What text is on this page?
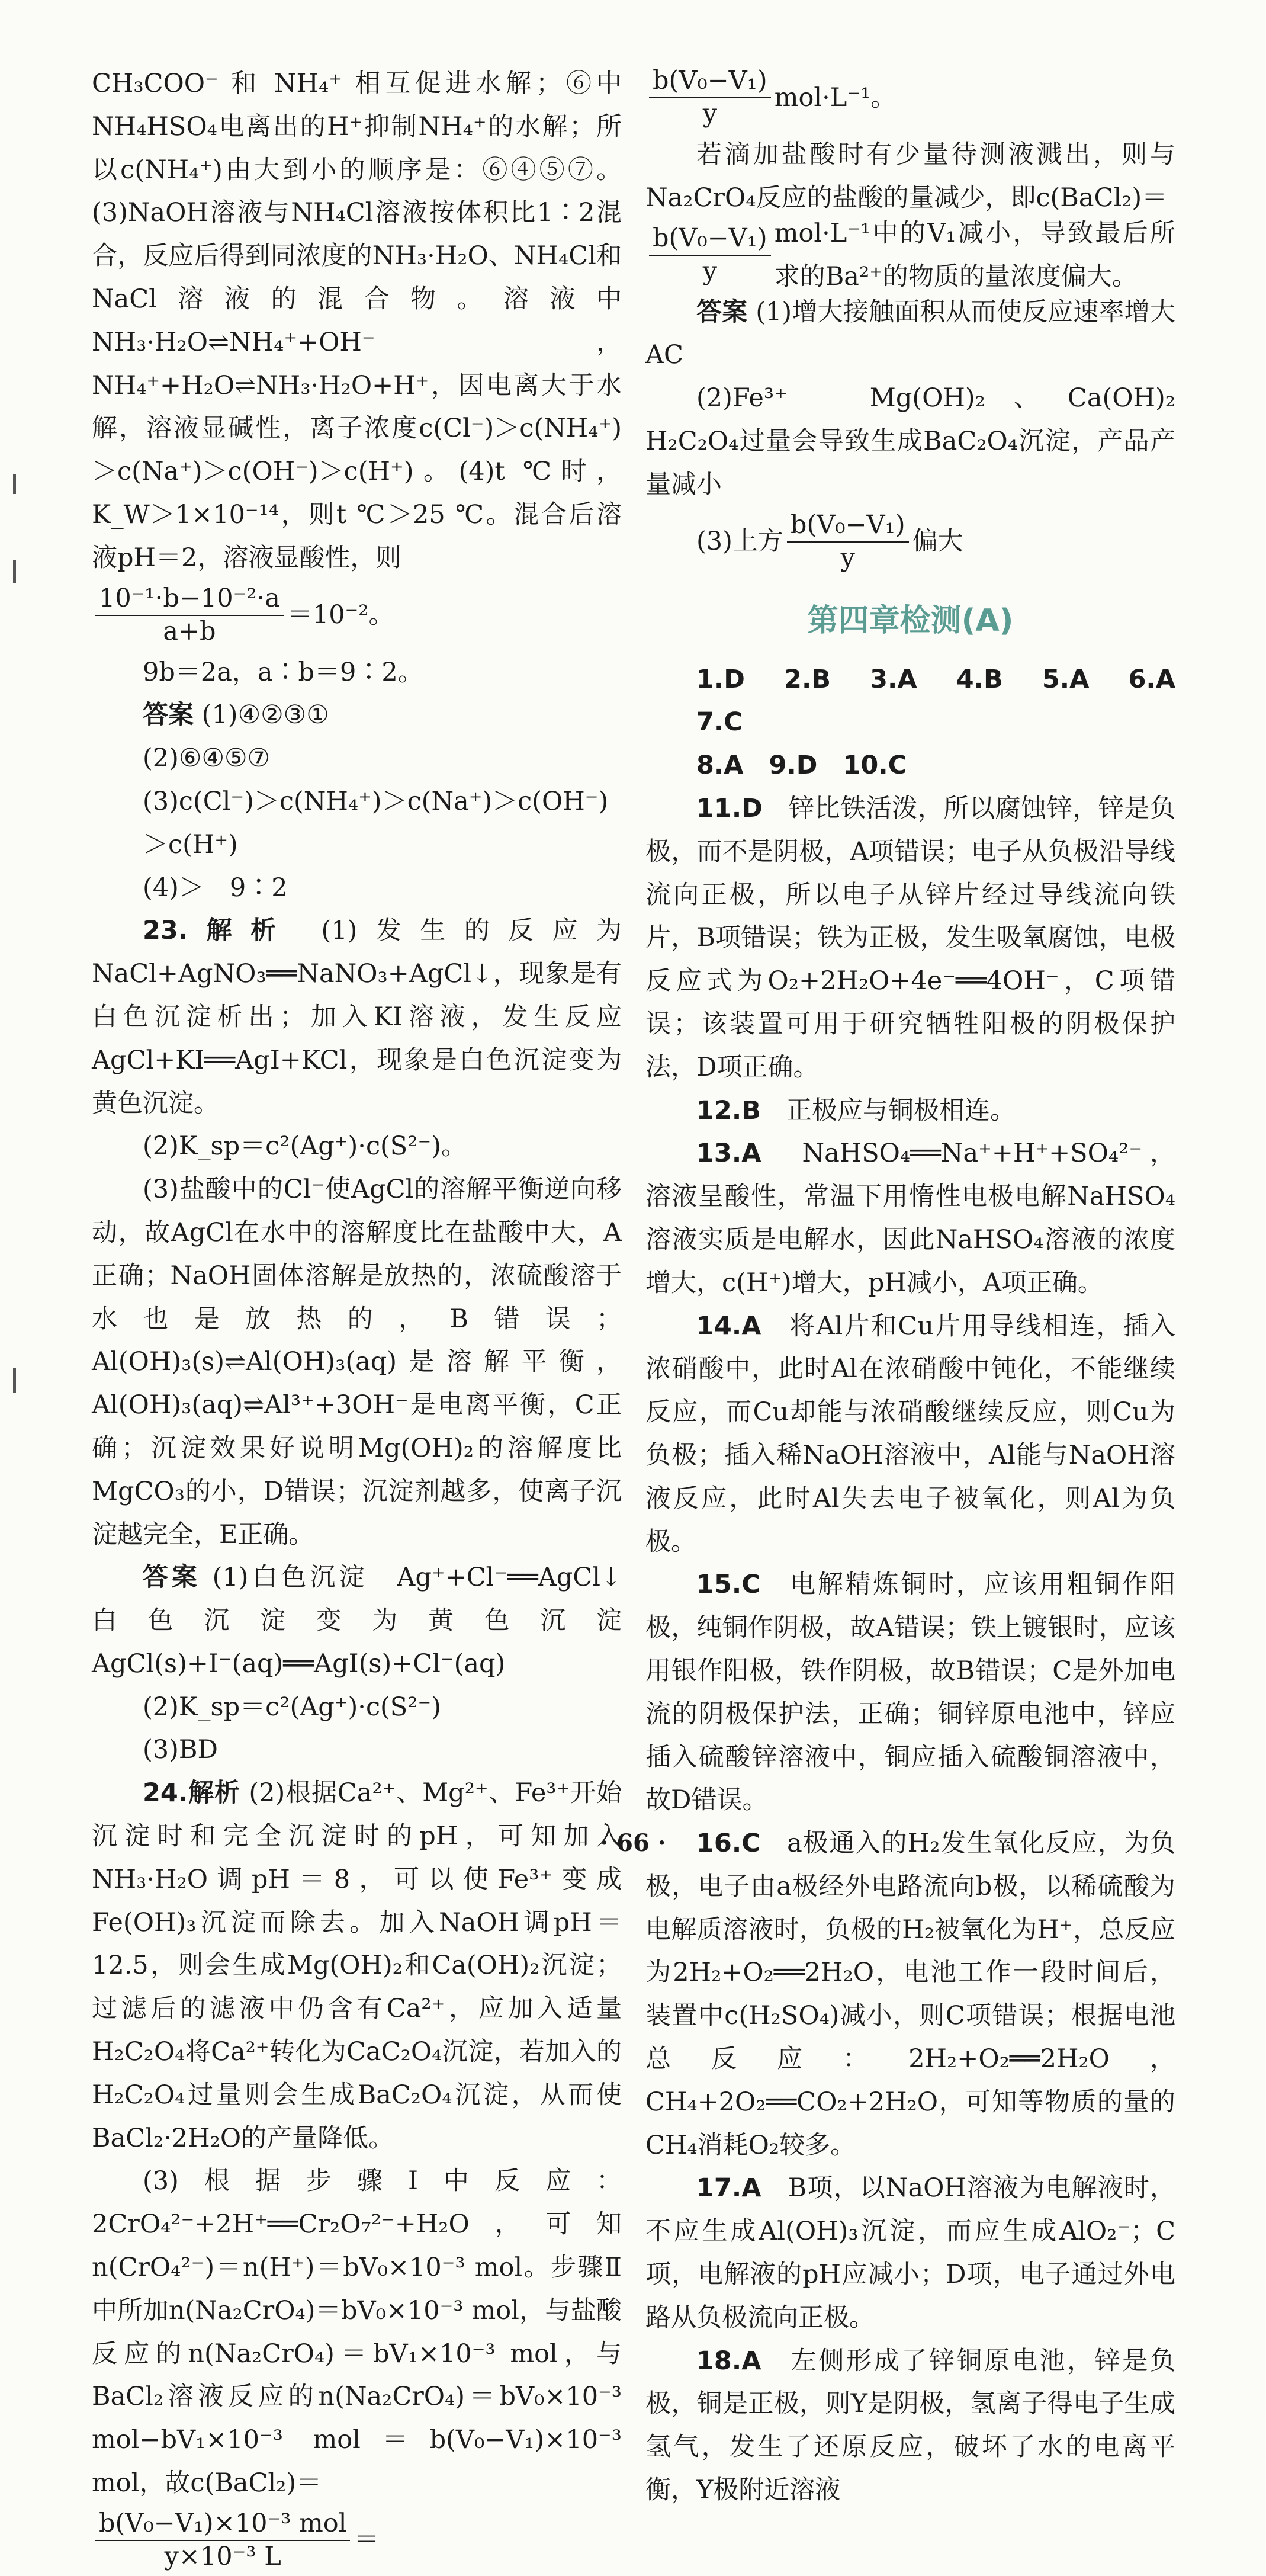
CH₃COO⁻ 和 NH₄⁺ 相互促进水解；⑥中NH₄HSO₄电离出的H⁺抑制NH₄⁺的水解；所以c(NH₄⁺)由大到小的顺序是：⑥④⑤⑦。(3)NaOH溶液与NH₄Cl溶液按体积比1∶2混合，反应后得到同浓度的NH₃·H₂O、NH₄Cl和NaCl溶液的混合物。溶液中NH₃·H₂O⇌NH₄⁺+OH⁻，NH₄⁺+H₂O⇌NH₃·H₂O+H⁺，因电离大于水解，溶液显碱性，离子浓度c(Cl⁻)＞c(NH₄⁺)＞c(Na⁺)＞c(OH⁻)＞c(H⁺)。(4)t ℃时，K_W＞1×10⁻¹⁴，则t ℃＞25 ℃。混合后溶液pH＝2，溶液显酸性，则

$\frac{\text{10⁻¹·b−10⁻²·a}}{a+b} =10^{-2}$。

9b＝2a，a∶b＝9∶2。

答案 (1)④②③①

(2)⑥④⑤⑦

(3)c(Cl⁻)＞c(NH₄⁺)＞c(Na⁺)＞c(OH⁻)＞c(H⁺)

(4)＞　9∶2

23.解析 (1)发生的反应为NaCl+AgNO₃══NaNO₃+AgCl↓，现象是有白色沉淀析出；加入KI溶液，发生反应AgCl+KI══AgI+KCl，现象是白色沉淀变为黄色沉淀。

(2)K_sp＝c²(Ag⁺)·c(S²⁻)。

(3)盐酸中的Cl⁻使AgCl的溶解平衡逆向移动，故AgCl在水中的溶解度比在盐酸中大，A正确；NaOH固体溶解是放热的，浓硫酸溶于水也是放热的，B错误；Al(OH)₃(s)⇌Al(OH)₃(aq)是溶解平衡，Al(OH)₃(aq)⇌Al³⁺+3OH⁻是电离平衡，C正确；沉淀效果好说明Mg(OH)₂的溶解度比MgCO₃的小，D错误；沉淀剂越多，使离子沉淀越完全，E正确。

答案 (1)白色沉淀　Ag⁺+Cl⁻══AgCl↓ 白色沉淀变为黄色沉淀　AgCl(s)+I⁻(aq)══AgI(s)+Cl⁻(aq)

(2)K_sp＝c²(Ag⁺)·c(S²⁻)

(3)BD

24.解析 (2)根据Ca²⁺、Mg²⁺、Fe³⁺开始沉淀时和完全沉淀时的pH，可知加入NH₃·H₂O调pH＝8，可以使Fe³⁺变成Fe(OH)₃沉淀而除去。加入NaOH调pH＝12.5，则会生成Mg(OH)₂和Ca(OH)₂沉淀；过滤后的滤液中仍含有Ca²⁺，应加入适量H₂C₂O₄将Ca²⁺转化为CaC₂O₄沉淀，若加入的H₂C₂O₄过量则会生成BaC₂O₄沉淀，从而使BaCl₂·2H₂O的产量降低。

(3)根据步骤Ⅰ中反应：2CrO₄²⁻+2H⁺══Cr₂O₇²⁻+H₂O，可知n(CrO₄²⁻)＝n(H⁺)＝bV₀×10⁻³ mol。步骤Ⅱ中所加n(Na₂CrO₄)＝bV₀×10⁻³ mol，与盐酸反应的n(Na₂CrO₄)＝bV₁×10⁻³ mol，与BaCl₂溶液反应的n(Na₂CrO₄)＝bV₀×10⁻³ mol−bV₁×10⁻³ mol＝b(V₀−V₁)×10⁻³ mol，故c(BaCl₂)＝

$\frac{\text{b(V₀−V₁)×10⁻³ mol}}{\text{y×10⁻³ L}}$ ＝

$\frac{\text{b(V₀−V₁)}}{y} mol\cdot L^{-1}$。

若滴加盐酸时有少量待测液溅出，则与Na₂CrO₄反应的盐酸的量减少，即c(BaCl₂)＝

$\frac{\text{b(V₀−V₁)}}{y} mol\cdot L^{-1}$中的V₁减小，导致最后所求的Ba²⁺的物质的量浓度偏大。

答案 (1)增大接触面积从而使反应速率增大　AC

(2)Fe³⁺　Mg(OH)₂、Ca(OH)₂　H₂C₂O₄过量会导致生成BaC₂O₄沉淀，产品产量减小

(3)上方 $\frac{\text{b(V₀−V₁)}}{y}$ 偏大

第四章检测(A)

1.D　2.B　3.A　4.B　5.A　6.A　7.C

8.A　9.D　10.C

11.D　 锌比铁活泼，所以腐蚀锌，锌是负极，而不是阴极，A项错误；电子从负极沿导线流向正极，所以电子从锌片经过导线流向铁片，B项错误；铁为正极，发生吸氧腐蚀，电极反应式为O₂+2H₂O+4e⁻══4OH⁻，C项错误；该装置可用于研究牺牲阳极的阴极保护法，D项正确。

12.B　 正极应与铜极相连。

13.A　 NaHSO₄══Na⁺+H⁺+SO₄²⁻，溶液呈酸性，常温下用惰性电极电解NaHSO₄溶液实质是电解水，因此NaHSO₄溶液的浓度增大，c(H⁺)增大，pH减小，A项正确。

14.A　 将Al片和Cu片用导线相连，插入浓硝酸中，此时Al在浓硝酸中钝化，不能继续反应，而Cu却能与浓硝酸继续反应，则Cu为负极；插入稀NaOH溶液中，Al能与NaOH溶液反应，此时Al失去电子被氧化，则Al为负极。

15.C　 电解精炼铜时，应该用粗铜作阳极，纯铜作阴极，故A错误；铁上镀银时，应该用银作阳极，铁作阴极，故B错误；C是外加电流的阴极保护法，正确；铜锌原电池中，锌应插入硫酸锌溶液中，铜应插入硫酸铜溶液中，故D错误。

16.C　 a极通入的H₂发生氧化反应，为负极，电子由a极经外电路流向b极，以稀硫酸为电解质溶液时，负极的H₂被氧化为H⁺，总反应为2H₂+O₂══2H₂O，电池工作一段时间后，装置中c(H₂SO₄)减小，则C项错误；根据电池总反应：2H₂+O₂══2H₂O，CH₄+2O₂══CO₂+2H₂O，可知等物质的量的CH₄消耗O₂较多。

17.A　 B项，以NaOH溶液为电解液时，不应生成Al(OH)₃沉淀，而应生成AlO₂⁻；C项，电解液的pH应减小；D项，电子通过外电路从负极流向正极。

18.A　 左侧形成了锌铜原电池，锌是负极，铜是正极，则Y是阴极，氢离子得电子生成氢气，发生了还原反应，破坏了水的电离平衡，Y极附近溶液

· 66 ·
